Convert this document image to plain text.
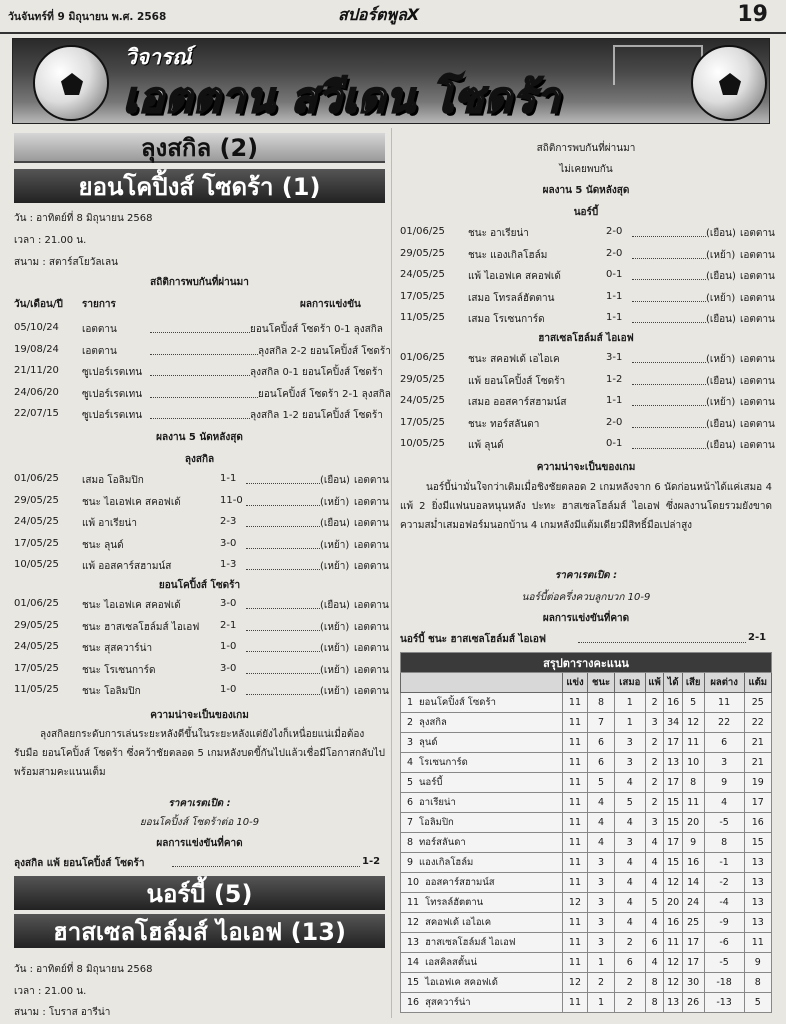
วันจันทร์ที่ 9 มิถุนายน พ.ศ. 2568	สปอร์ตพูลX	19
วิจารณ์
เอตตาน สวีเดน โซดร้า
ลุงสกิล (2)
ยอนโคปิ้งส์ โซดร้า (1)
วัน : อาทิตย์ที่ 8 มิถุนายน 2568
เวลา : 21.00 น.
สนาม : สตาร์สโยวัลเลน
สถิติการพบกันที่ผ่านมา
วัน/เดือน/ปี รายการ	ผลการแข่งขัน
05/10/24 เอตตาน	ยอนโคปิ้งส์ โซดร้า 0-1 ลุงสกิล
19/08/24 เอตตาน	ลุงสกิล 2-2 ยอนโคปิ้งส์ โซดร้า
21/11/20 ซูเปอร์เรตเทน	ลุงสกิล 0-1 ยอนโคปิ้งส์ โซดร้า
24/06/20 ซูเปอร์เรตเทน	ยอนโคปิ้งส์ โซดร้า 2-1 ลุงสกิล
22/07/15 ซูเปอร์เรตเทน	ลุงสกิล 1-2 ยอนโคปิ้งส์ โซดร้า
ผลงาน 5 นัดหลังสุด
ลุงสกิล
01/06/25 เสมอ โอลิมปิก	1-1	(เยือน) เอตตาน
29/05/25 ชนะ ไอเอฟเค สคอฟเด้	11-0	(เหย้า) เอตตาน
24/05/25 แพ้ อาเรียน่า	2-3	(เยือน) เอตตาน
17/05/25 ชนะ ลุนด์	3-0	(เหย้า) เอตตาน
10/05/25 แพ้ ออสคาร์สฮามน์ส	1-3	(เหย้า) เอตตาน
ยอนโคปิ้งส์ โซดร้า
01/06/25 ชนะ ไอเอฟเค สคอฟเด้	3-0	(เยือน) เอตตาน
29/05/25 ชนะ ฮาสเซลโฮล์มส์ ไอเอฟ 2-1	(เหย้า) เอตตาน
24/05/25 ชนะ สุสควาร์น่า	1-0	(เหย้า) เอตตาน
17/05/25 ชนะ โรเซนการ์ด	3-0	(เหย้า) เอตตาน
11/05/25 ชนะ โอลิมปิก	1-0	(เหย้า) เอตตาน
ความน่าจะเป็นของเกม
ลุงสกิลยกระดับการเล่นระยะหลังดีขึ้นในระยะหลังแต่ยังไงก็เหนื่อยแน่เมื่อต้องรับมือ ยอนโคปิ้งส์ โซดร้า ซึ่งคว้าชัยตลอด 5 เกมหลังบดขี้กันไปแล้วเชื่อมีโอกาสกลับไปพร้อมสามคะแนนเต็ม
ราคาเรตเปิด :
ยอนโคปิ้งส์ โซดร้าต่อ 10-9
ผลการแข่งขันที่คาด
ลุงสกิล แพ้ ยอนโคปิ้งส์ โซดร้า	1-2
นอร์บี้ (5)
ฮาสเซลโฮล์มส์ ไอเอฟ (13)
วัน : อาทิตย์ที่ 8 มิถุนายน 2568
เวลา : 21.00 น.
สนาม : โบราส อารีน่า
สถิติการพบกันที่ผ่านมา
ไม่เคยพบกัน
ผลงาน 5 นัดหลังสุด
นอร์บี้
01/06/25 ชนะ อาเรียน่า	2-0	(เยือน) เอตตาน
29/05/25 ชนะ แองเกิลโฮล์ม	2-0	(เหย้า) เอตตาน
24/05/25 แพ้ ไอเอฟเค สคอฟเด้	0-1	(เยือน) เอตตาน
17/05/25 เสมอ โทรลล์ฮัตตาน	1-1	(เหย้า) เอตตาน
11/05/25 เสมอ โรเซนการ์ด	1-1	(เยือน) เอตตาน
ฮาสเซลโฮล์มส์ ไอเอฟ
01/06/25 ชนะ สคอฟเด้ เอไอเค	3-1	(เหย้า) เอตตาน
29/05/25 แพ้ ยอนโคปิ้งส์ โซดร้า	1-2	(เยือน) เอตตาน
24/05/25 เสมอ ออสคาร์สฮามน์ส	1-1	(เหย้า) เอตตาน
17/05/25 ชนะ ทอร์สลันดา	2-0	(เยือน) เอตตาน
10/05/25 แพ้ ลุนด์	0-1	(เยือน) เอตตาน
ความน่าจะเป็นของเกม
นอร์บี้น่ามั่นใจกว่าเดิมเมื่อชิงชัยตลอด 2 เกมหลังจาก 6 นัดก่อนหน้าได้แค่เสมอ 4 แพ้ 2 ยิ่งมีแฟนบอลหนุนหลัง ปะทะ ฮาสเซลโฮล์มส์ ไอเอฟ ซึ่งผลงานโดยรวมยังขาดความสม่ำเสมอฟอร์มนอกบ้าน 4 เกมหลังมีแต้มเดียวมีสิทธิ์มือเปล่าสูง
ราคาเรตเปิด :
นอร์บี้ต่อครึ่งควบลูกบวก 10-9
ผลการแข่งขันที่คาด
นอร์บี้ ชนะ ฮาสเซลโฮล์มส์ ไอเอฟ	2-1
สรุปตารางคะแนน								
	แข่ง	ชนะ	เสมอ	แพ้	ได้	เสีย	ผลต่าง	แต้ม
1 ยอนโคปิ้งส์ โซดร้า	11	8	1	2	16	5	11	25
2 ลุงสกิล	11	7	1	3	34	12	22	22
3 ลุนด์	11	6	3	2	17	11	6	21
4 โรเซนการ์ด	11	6	3	2	13	10	3	21
5 นอร์บี้	11	5	4	2	17	8	9	19
6 อาเรียน่า	11	4	5	2	15	11	4	17
7 โอลิมปิก	11	4	4	3	15	20	-5	16
8 ทอร์สลันดา	11	4	3	4	17	9	8	15
9 แองเกิลโฮล์ม	11	3	4	4	15	16	-1	13
10 ออสคาร์สฮามน์ส	11	3	4	4	12	14	-2	13
11 โทรลล์ฮัตตาน	12	3	4	5	20	24	-4	13
12 สคอฟเด้ เอไอเค	11	3	4	4	16	25	-9	13
13 ฮาสเซลโฮล์มส์ ไอเอฟ	11	3	2	6	11	17	-6	11
14 เอสคิลสตั้นน่	11	1	6	4	12	17	-5	9
15 ไอเอฟเค สคอฟเด้	12	2	2	8	12	30	-18	8
16 สุสควาร์น่า	11	1	2	8	13	26	-13	5
